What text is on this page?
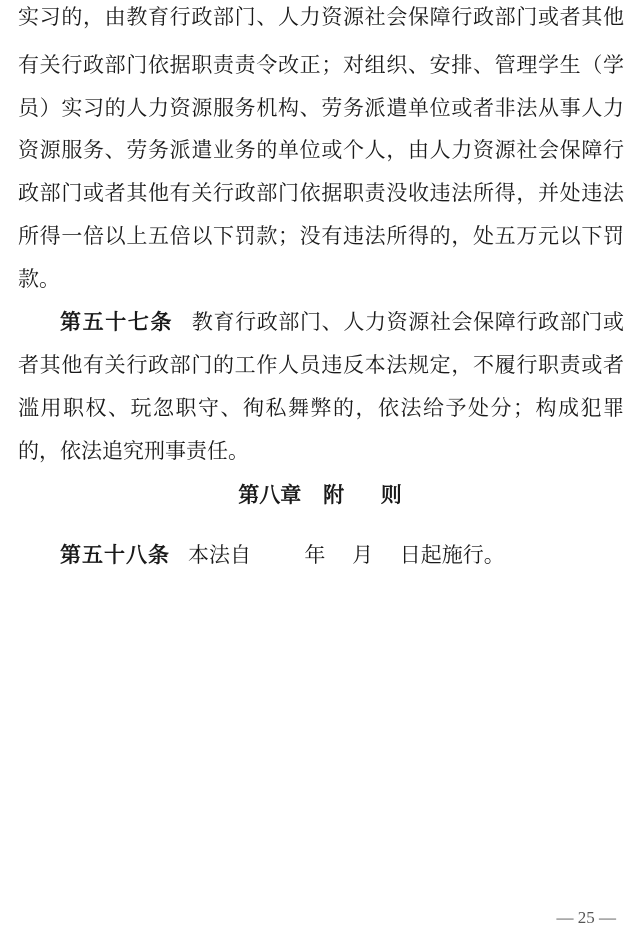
实习的，由教育行政部门、人力资源社会保障行政部门或者其他
有关行政部门依据职责责令改正；对组织、安排、管理学生（学
员）实习的人力资源服务机构、劳务派遣单位或者非法从事人力
资源服务、劳务派遣业务的单位或个人，由人力资源社会保障行
政部门或者其他有关行政部门依据职责没收违法所得，并处违法
所得一倍以上五倍以下罚款；没有违法所得的，处五万元以下罚
款。
第五十七条 教育行政部门、人力资源社会保障行政部门或
者其他有关行政部门的工作人员违反本法规定，不履行职责或者
滥用职权、玩忽职守、徇私舞弊的，依法给予处分；构成犯罪
的，依法追究刑事责任。
第八章   附     则
第五十八条 本法自        年    月    日起施行。
— 25 —
